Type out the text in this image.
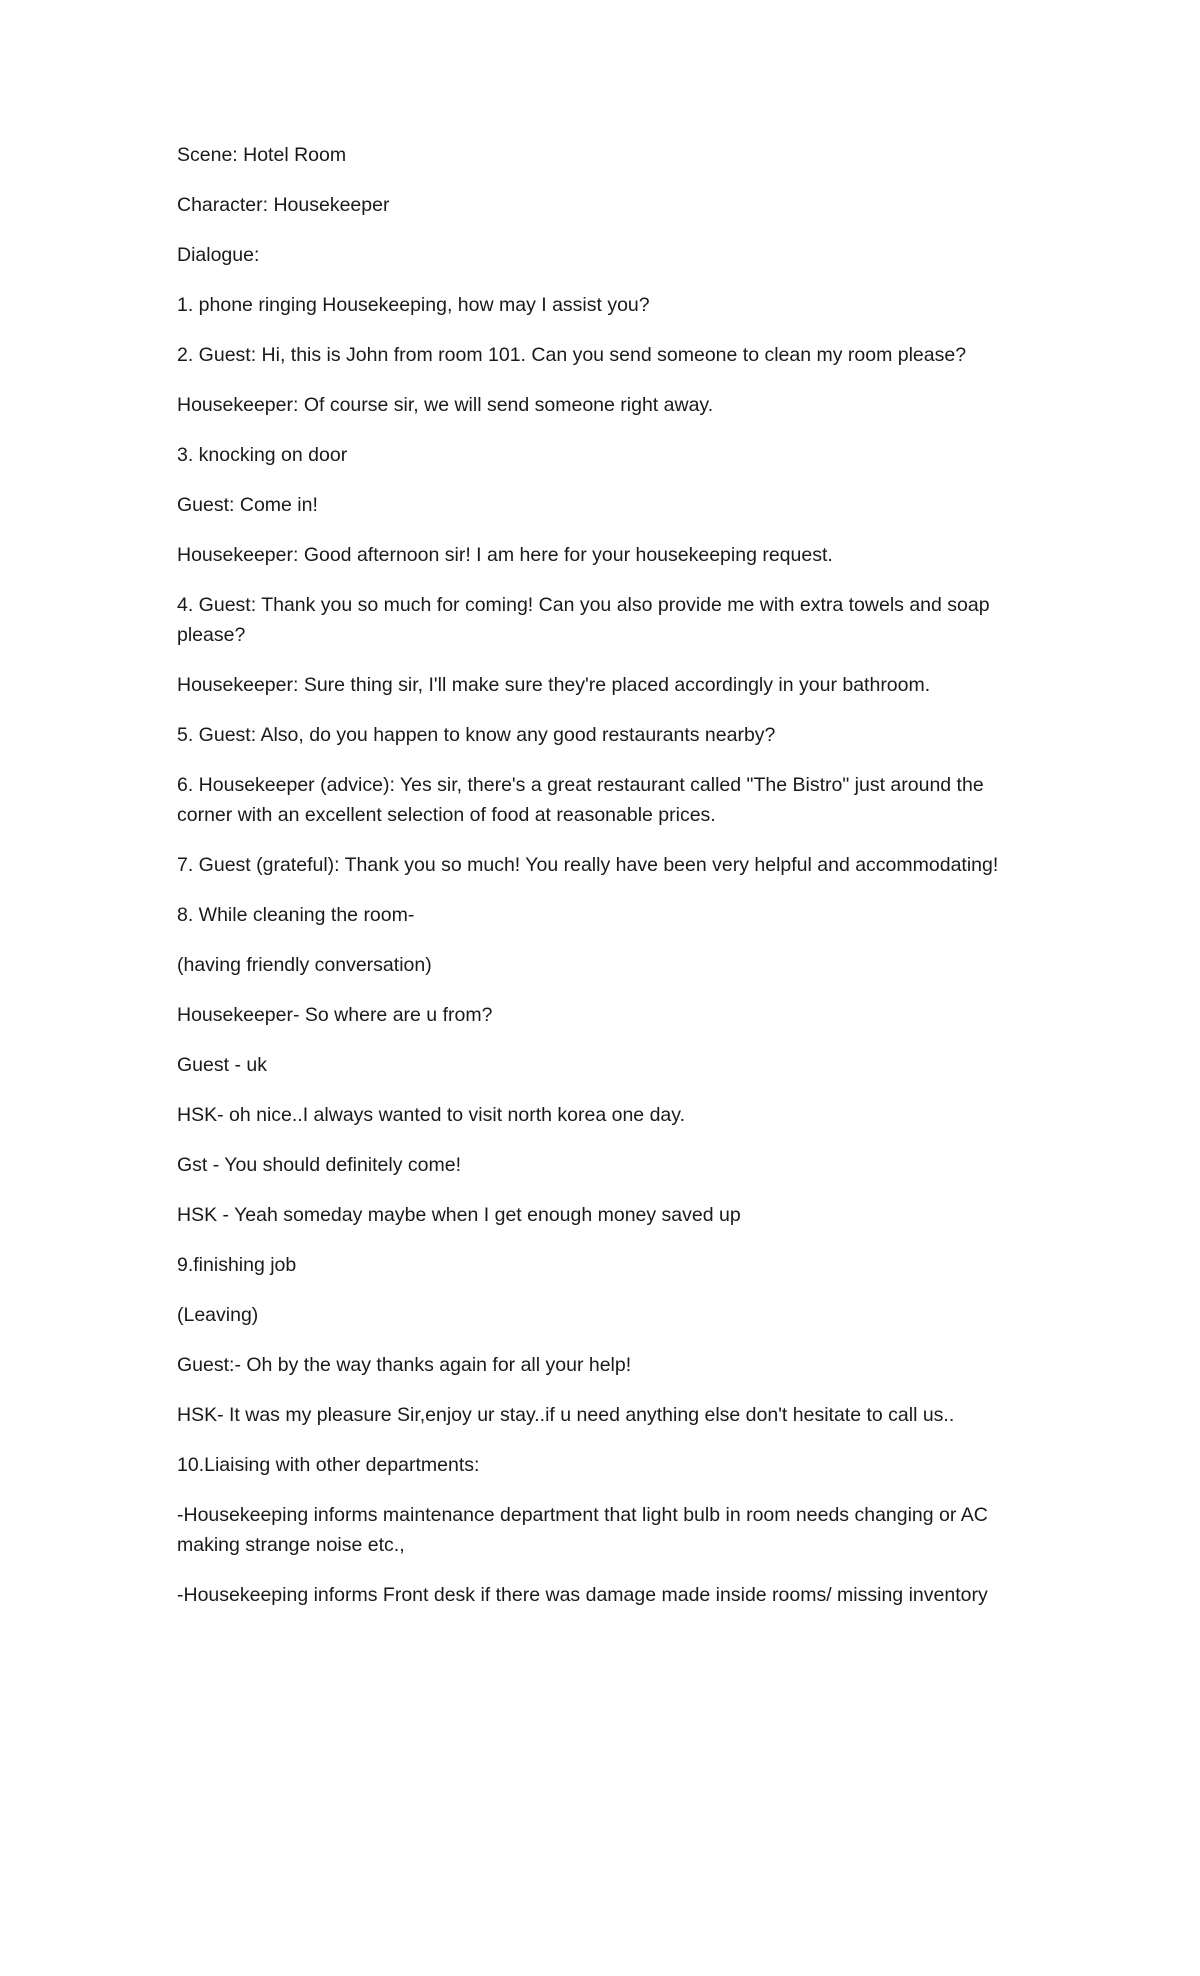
Scene: Hotel Room

Character: Housekeeper

Dialogue:

1. phone ringing Housekeeping, how may I assist you?

2. Guest: Hi, this is John from room 101. Can you send someone to clean my room please?

Housekeeper: Of course sir, we will send someone right away.

3. knocking on door

Guest: Come in!

Housekeeper: Good afternoon sir! I am here for your housekeeping request.

4. Guest: Thank you so much for coming! Can you also provide me with extra towels and soap please?

Housekeeper: Sure thing sir, I'll make sure they're placed accordingly in your bathroom.

5. Guest: Also, do you happen to know any good restaurants nearby?

6. Housekeeper (advice): Yes sir, there's a great restaurant called "The Bistro" just around the corner with an excellent selection of food at reasonable prices.

7. Guest (grateful): Thank you so much! You really have been very helpful and accommodating!

8. While cleaning the room-

(having friendly conversation)

Housekeeper- So where are u from?

Guest - uk

HSK- oh nice..I always wanted to visit north korea one day.

Gst - You should definitely come!

HSK - Yeah someday maybe when I get enough money saved up

9.finishing job

(Leaving)

Guest:- Oh by the way thanks again for all your help!

HSK- It was my pleasure Sir,enjoy ur stay..if u need anything else don't hesitate to call us..

10.Liaising with other departments:

-Housekeeping informs maintenance department that light bulb in room needs changing or AC making strange noise etc.,

-Housekeeping informs Front desk if there was damage made inside rooms/ missing inventory
